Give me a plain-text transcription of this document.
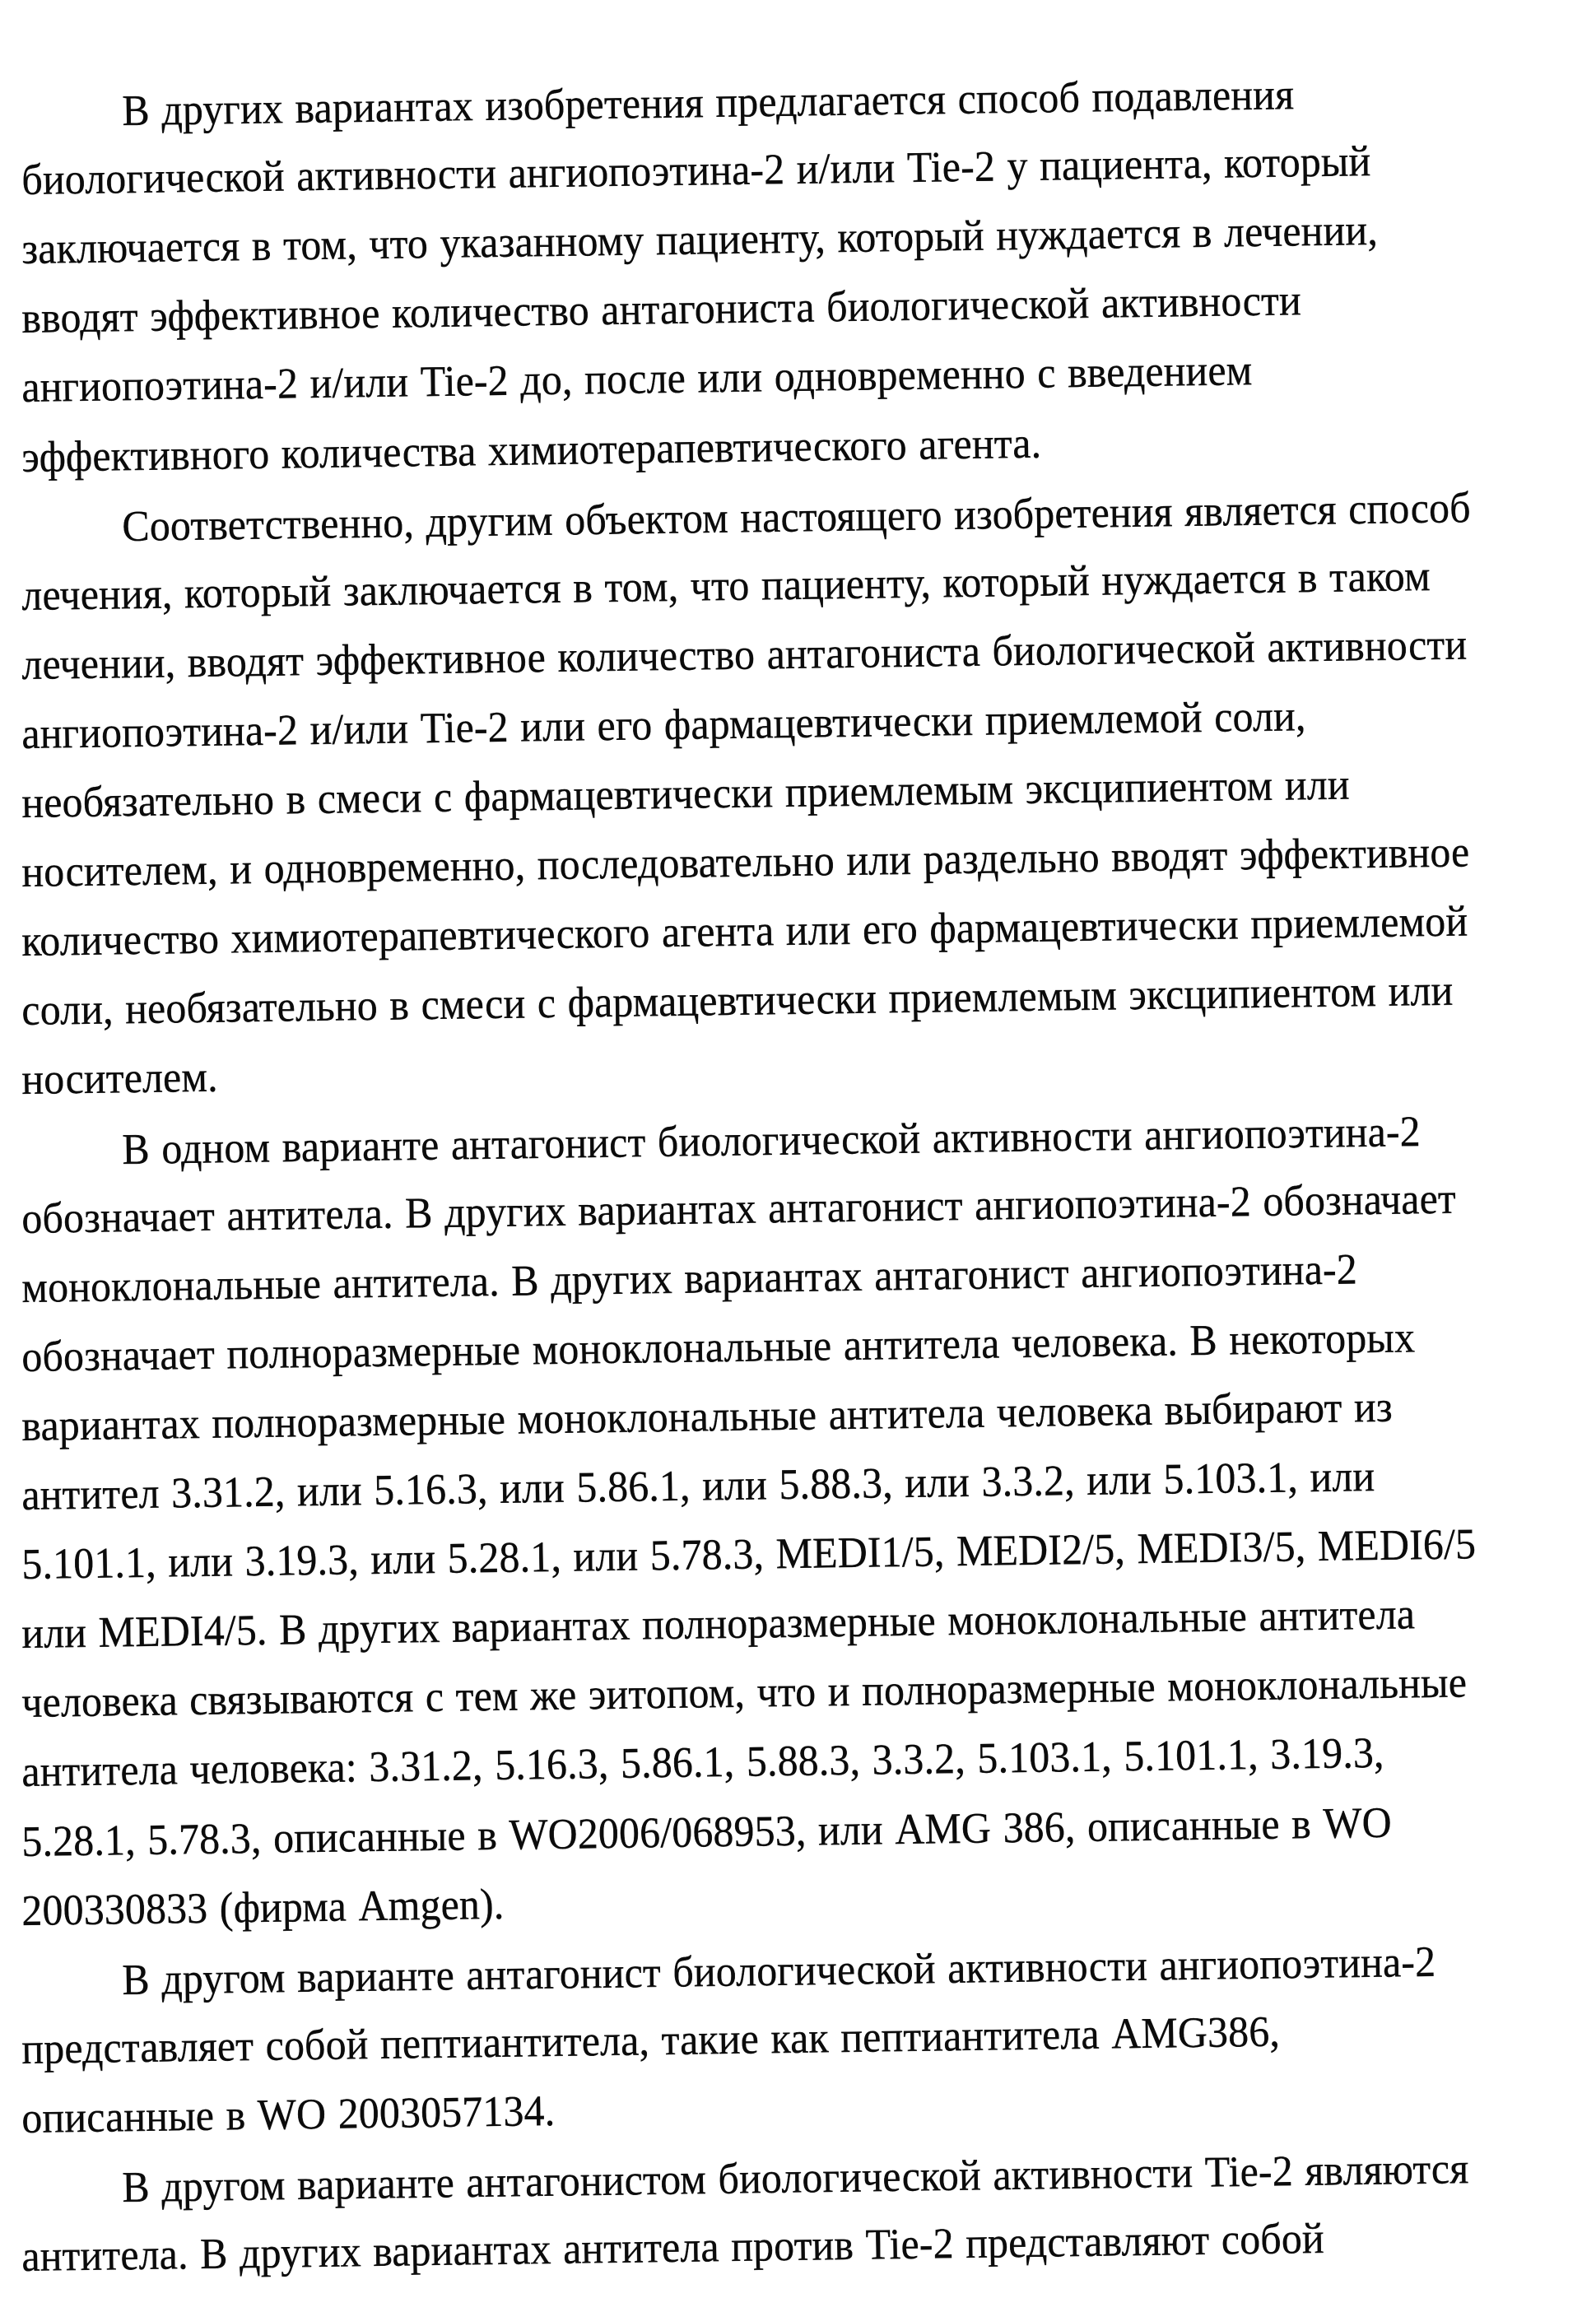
В других вариантах изобретения предлагается способ подавления
биологической активности ангиопоэтина-2 и/или Tie-2 у пациента, который
заключается в том, что указанному пациенту, который нуждается в лечении,
вводят эффективное количество антагониста биологической активности
ангиопоэтина-2 и/или Tie-2 до, после или одновременно с введением
эффективного количества химиотерапевтического агента.
Соответственно, другим объектом настоящего изобретения является способ
лечения, который заключается в том, что пациенту, который нуждается в таком
лечении, вводят эффективное количество антагониста биологической активности
ангиопоэтина-2 и/или Tie-2 или его фармацевтически приемлемой соли,
необязательно в смеси с фармацевтически приемлемым эксципиентом или
носителем, и одновременно, последовательно или раздельно вводят эффективное
количество химиотерапевтического агента или его фармацевтически приемлемой
соли, необязательно в смеси с фармацевтически приемлемым эксципиентом или
носителем.
В одном варианте антагонист биологической активности ангиопоэтина-2
обозначает антитела. В других вариантах антагонист ангиопоэтина-2 обозначает
моноклональные антитела. В других вариантах антагонист ангиопоэтина-2
обозначает полноразмерные моноклональные антитела человека. В некоторых
вариантах полноразмерные моноклональные антитела человека выбирают из
антител 3.31.2, или 5.16.3, или 5.86.1, или 5.88.3, или 3.3.2, или 5.103.1, или
5.101.1, или 3.19.3, или 5.28.1, или 5.78.3, MEDI1/5, MEDI2/5, MEDI3/5, MEDI6/5
или MEDI4/5. В других вариантах полноразмерные моноклональные антитела
человека связываются с тем же эитопом, что и полноразмерные моноклональные
антитела человека: 3.31.2, 5.16.3, 5.86.1, 5.88.3, 3.3.2, 5.103.1, 5.101.1, 3.19.3,
5.28.1, 5.78.3, описанные в WO2006/068953, или AMG 386, описанные в WO
200330833 (фирма Amgen).
В другом варианте антагонист биологической активности ангиопоэтина-2
представляет собой пептиантитела, такие как пептиантитела AMG386,
описанные в WO 2003057134.
В другом варианте антагонистом биологической активности Tie-2 являются
антитела. В других вариантах антитела против Tie-2 представляют собой
